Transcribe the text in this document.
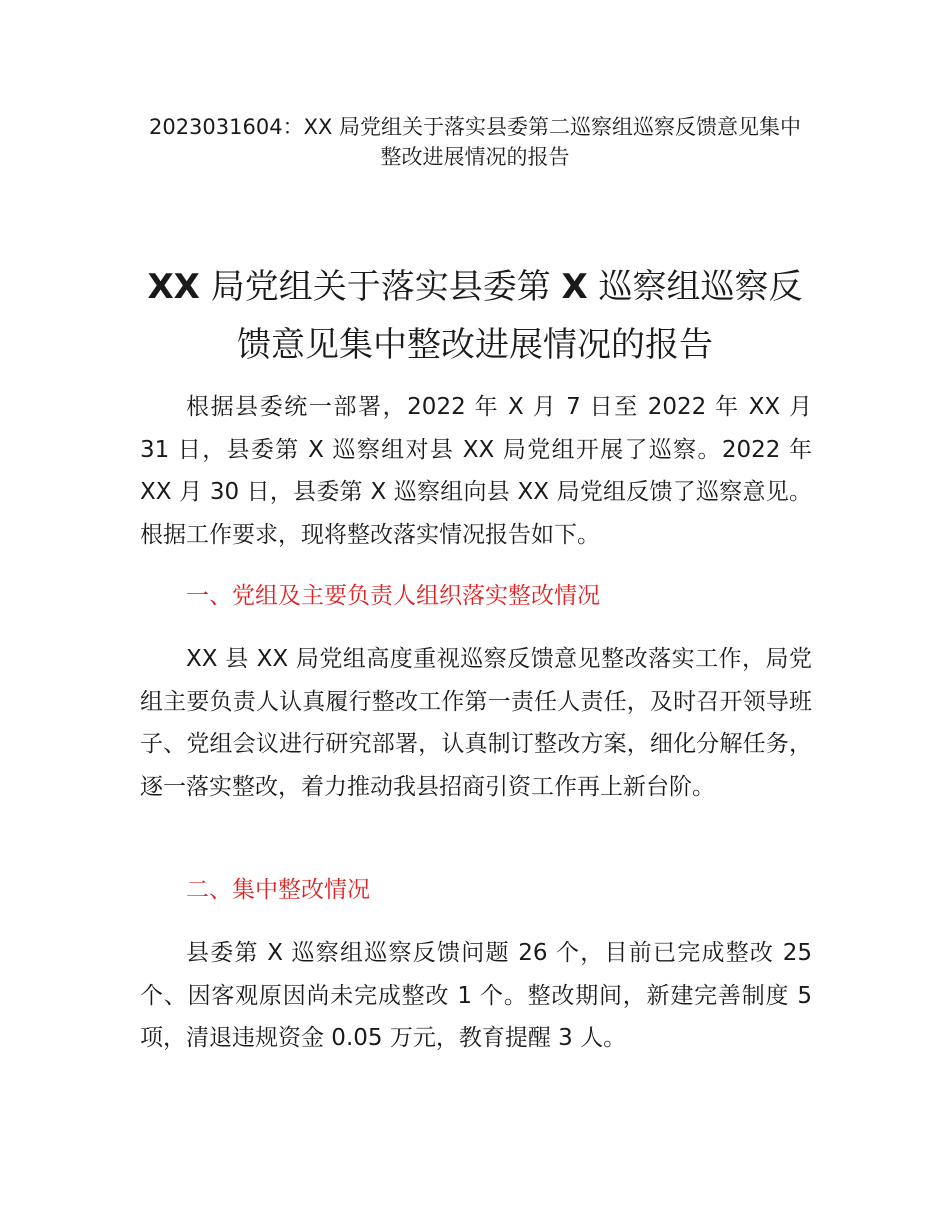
2023031604：XX 局党组关于落实县委第二巡察组巡察反馈意见集中整改进展情况的报告
XX 局党组关于落实县委第 X 巡察组巡察反馈意见集中整改进展情况的报告

根据县委统一部署，2022 年 X 月 7 日至 2022 年 XX 月 31 日，县委第 X 巡察组对县 XX 局党组开展了巡察。2022 年 XX 月 30 日，县委第 X 巡察组向县 XX 局党组反馈了巡察意见。根据工作要求，现将整改落实情况报告如下。

一、党组及主要负责人组织落实整改情况

XX 县 XX 局党组高度重视巡察反馈意见整改落实工作，局党组主要负责人认真履行整改工作第一责任人责任，及时召开领导班子、党组会议进行研究部署，认真制订整改方案，细化分解任务，逐一落实整改，着力推动我县招商引资工作再上新台阶。

二、集中整改情况

县委第 X 巡察组巡察反馈问题 26 个，目前已完成整改 25 个、因客观原因尚未完成整改 1 个。整改期间，新建完善制度 5 项，清退违规资金 0.05 万元，教育提醒 3 人。
